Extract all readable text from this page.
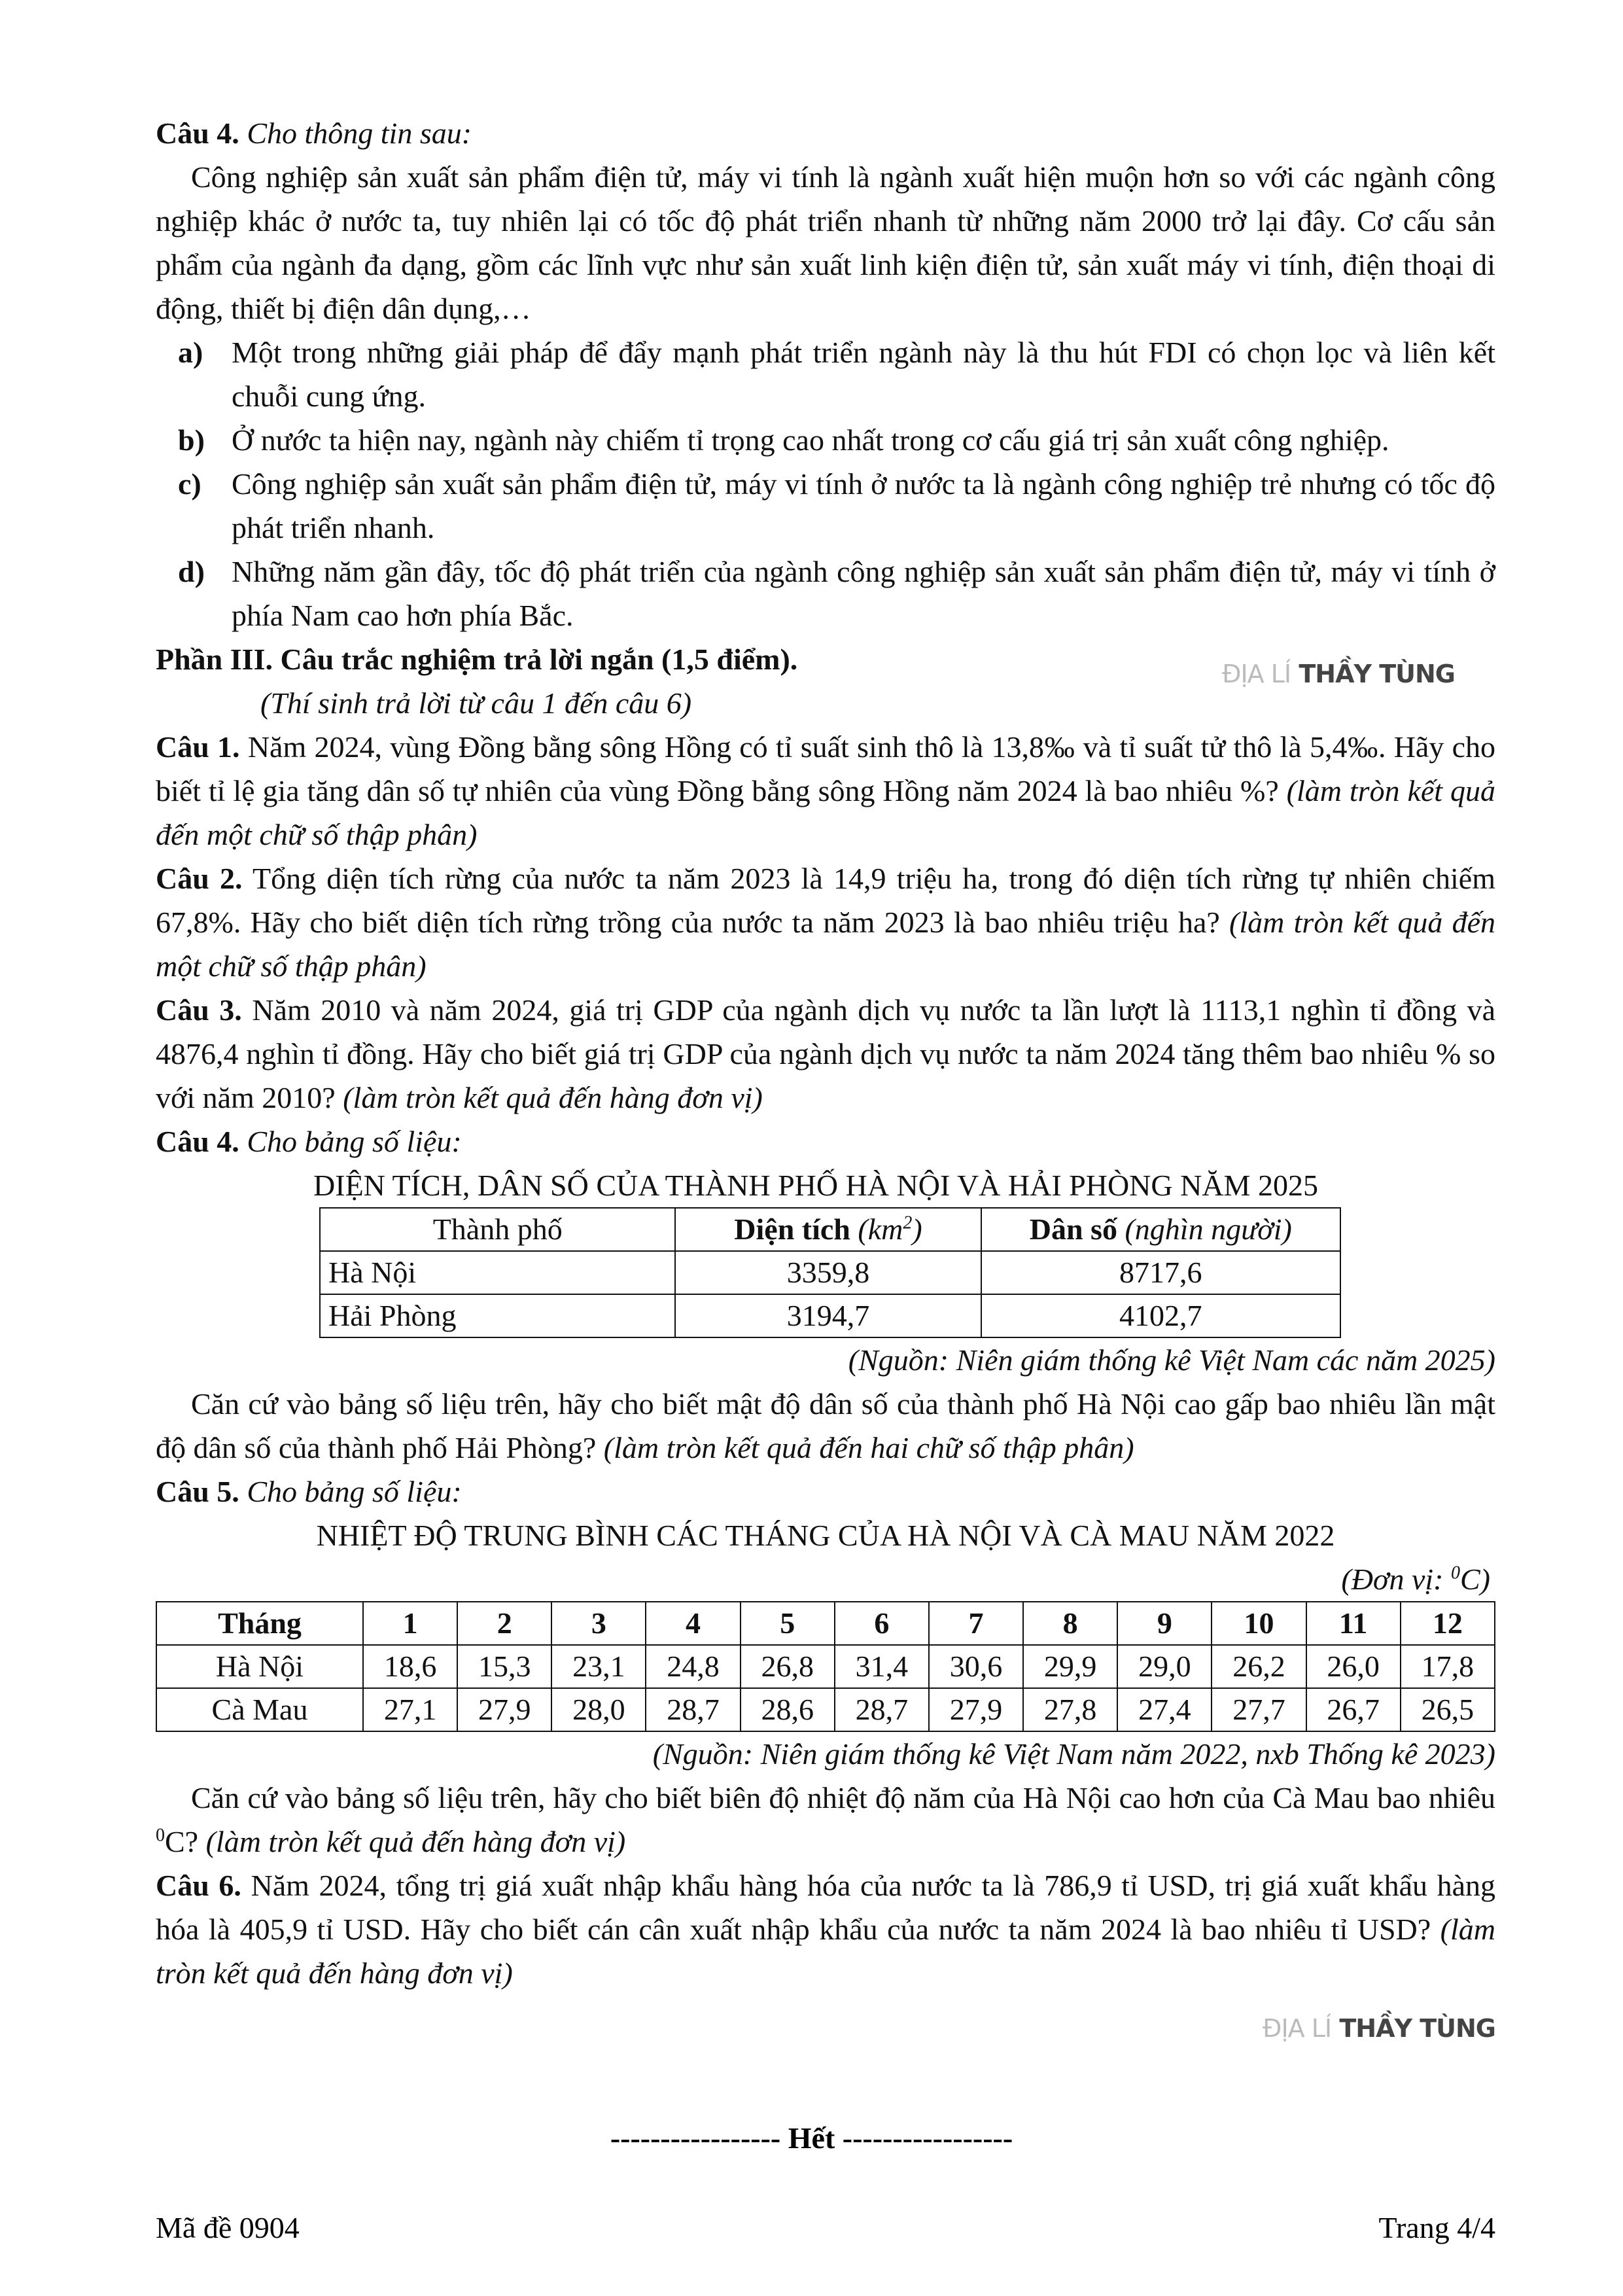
Câu 4. Cho thông tin sau:

Công nghiệp sản xuất sản phẩm điện tử, máy vi tính là ngành xuất hiện muộn hơn so với các ngành công nghiệp khác ở nước ta, tuy nhiên lại có tốc độ phát triển nhanh từ những năm 2000 trở lại đây. Cơ cấu sản phẩm của ngành đa dạng, gồm các lĩnh vực như sản xuất linh kiện điện tử, sản xuất máy vi tính, điện thoại di động, thiết bị điện dân dụng,…

a) Một trong những giải pháp để đẩy mạnh phát triển ngành này là thu hút FDI có chọn lọc và liên kết chuỗi cung ứng.
b) Ở nước ta hiện nay, ngành này chiếm tỉ trọng cao nhất trong cơ cấu giá trị sản xuất công nghiệp.
c)	Công nghiệp sản xuất sản phẩm điện tử, máy vi tính ở nước ta là ngành công nghiệp trẻ nhưng có tốc độ phát triển nhanh.
d) Những năm gần đây, tốc độ phát triển của ngành công nghiệp sản xuất sản phẩm điện tử, máy vi tính ở phía Nam cao hơn phía Bắc.

Phần III. Câu trắc nghiệm trả lời ngắn (1,5 điểm).

(Thí sinh trả lời từ câu 1 đến câu 6)

Câu 1. Năm 2024, vùng Đồng bằng sông Hồng có tỉ suất sinh thô là 13,8‰ và tỉ suất tử thô là 5,4‰. Hãy cho biết tỉ lệ gia tăng dân số tự nhiên của vùng Đồng bằng sông Hồng năm 2024 là bao nhiêu %? (làm tròn kết quả đến một chữ số thập phân)

Câu 2. Tổng diện tích rừng của nước ta năm 2023 là 14,9 triệu ha, trong đó diện tích rừng tự nhiên chiếm 67,8%. Hãy cho biết diện tích rừng trồng của nước ta năm 2023 là bao nhiêu triệu ha? (làm tròn kết quả đến một chữ số thập phân)

Câu 3. Năm 2010 và năm 2024, giá trị GDP của ngành dịch vụ nước ta lần lượt là 1113,1 nghìn tỉ đồng và 4876,4 nghìn tỉ đồng. Hãy cho biết giá trị GDP của ngành dịch vụ nước ta năm 2024 tăng thêm bao nhiêu % so với năm 2010? (làm tròn kết quả đến hàng đơn vị)

Câu 4. Cho bảng số liệu:

DIỆN TÍCH, DÂN SỐ CỦA THÀNH PHỐ HÀ NỘI VÀ HẢI PHÒNG NĂM 2025

Thành phố	Diện tích $(km^2)$	Dân số (nghìn người)
Hà Nội	3359,8	8717,6
Hải Phòng	3194,7	4102,7

(Nguồn: Niên giám thống kê Việt Nam các năm 2025)

Căn cứ vào bảng số liệu trên, hãy cho biết mật độ dân số của thành phố Hà Nội cao gấp bao nhiêu lần mật độ dân số của thành phố Hải Phòng? (làm tròn kết quả đến hai chữ số thập phân)

Câu 5. Cho bảng số liệu:

NHIỆT ĐỘ TRUNG BÌNH CÁC THÁNG CỦA HÀ NỘI VÀ CÀ MAU NĂM 2022

(Đơn vị: $^0$C)

Tháng	1	2	3	4	5	6	7	8	9	10	11	12
Hà Nội	18,6	15,3	23,1	24,8	26,8	31,4	30,6	29,9	29,0	26,2	26,0	17,8
Cà Mau	27,1	27,9	28,0	28,7	28,6	28,7	27,9	27,8	27,4	27,7	26,7	26,5

(Nguồn: Niên giám thống kê Việt Nam năm 2022, nxb Thống kê 2023)

Căn cứ vào bảng số liệu trên, hãy cho biết biên độ nhiệt độ năm của Hà Nội cao hơn của Cà Mau bao nhiêu $^0$C? (làm tròn kết quả đến hàng đơn vị)

Câu 6. Năm 2024, tổng trị giá xuất nhập khẩu hàng hóa của nước ta là 786,9 tỉ USD, trị giá xuất khẩu hàng hóa là 405,9 tỉ USD. Hãy cho biết cán cân xuất nhập khẩu của nước ta năm 2024 là bao nhiêu tỉ USD? (làm tròn kết quả đến hàng đơn vị)

ĐỊA LÍ THẦY TÙNG
ĐỊA LÍ THẦY TÙNG
----------------- Hết -----------------
Mã đề 0904	Trang 4/4
